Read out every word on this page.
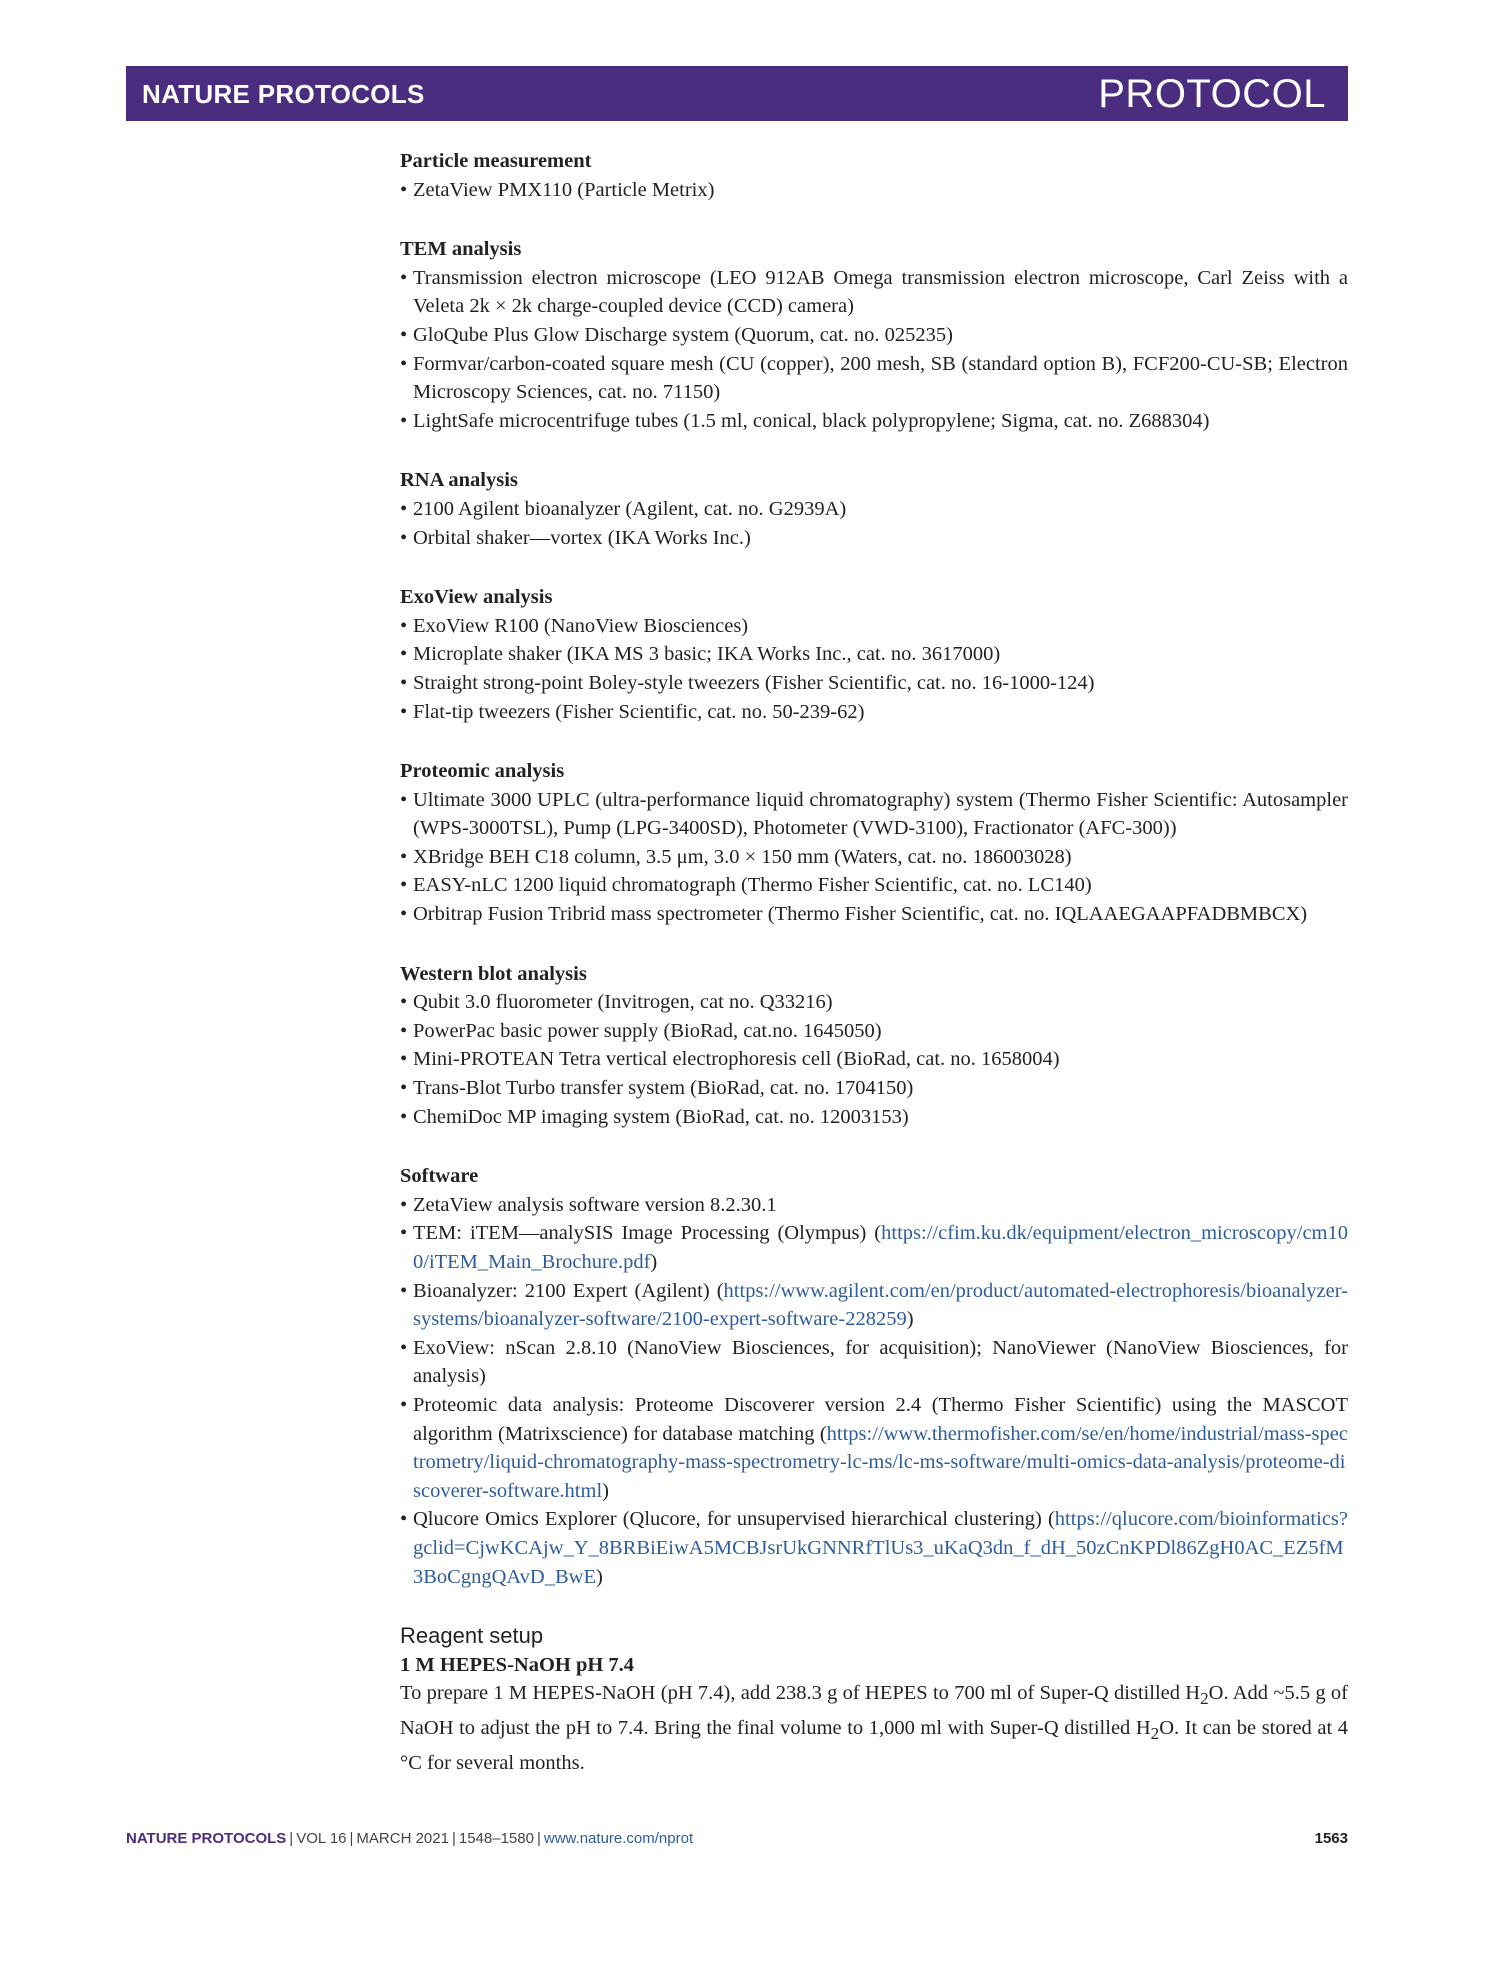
NATURE PROTOCOLS	PROTOCOL

Particle measurement

• ZetaView PMX110 (Particle Metrix)

TEM analysis

• Transmission electron microscope (LEO 912AB Omega transmission electron microscope, Carl Zeiss with a Veleta 2k × 2k charge-coupled device (CCD) camera)
• GloQube Plus Glow Discharge system (Quorum, cat. no. 025235)
• Formvar/carbon-coated square mesh (CU (copper), 200 mesh, SB (standard option B), FCF200-CU-SB; Electron Microscopy Sciences, cat. no. 71150)
• LightSafe microcentrifuge tubes (1.5 ml, conical, black polypropylene; Sigma, cat. no. Z688304)

RNA analysis

• 2100 Agilent bioanalyzer (Agilent, cat. no. G2939A)
• Orbital shaker—vortex (IKA Works Inc.)

ExoView analysis

• ExoView R100 (NanoView Biosciences)
• Microplate shaker (IKA MS 3 basic; IKA Works Inc., cat. no. 3617000)
• Straight strong-point Boley-style tweezers (Fisher Scientific, cat. no. 16-1000-124)
• Flat-tip tweezers (Fisher Scientific, cat. no. 50-239-62)

Proteomic analysis

• Ultimate 3000 UPLC (ultra-performance liquid chromatography) system (Thermo Fisher Scientific: Autosampler (WPS-3000TSL), Pump (LPG-3400SD), Photometer (VWD-3100), Fractionator (AFC-300))
• XBridge BEH C18 column, 3.5 μm, 3.0 × 150 mm (Waters, cat. no. 186003028)
• EASY-nLC 1200 liquid chromatograph (Thermo Fisher Scientific, cat. no. LC140)
• Orbitrap Fusion Tribrid mass spectrometer (Thermo Fisher Scientific, cat. no. IQLAAEGAAPFADBMBCX)

Western blot analysis

• Qubit 3.0 fluorometer (Invitrogen, cat no. Q33216)
• PowerPac basic power supply (BioRad, cat.no. 1645050)
• Mini-PROTEAN Tetra vertical electrophoresis cell (BioRad, cat. no. 1658004)
• Trans-Blot Turbo transfer system (BioRad, cat. no. 1704150)
• ChemiDoc MP imaging system (BioRad, cat. no. 12003153)

Software

• ZetaView analysis software version 8.2.30.1
• TEM: iTEM—analySIS Image Processing (Olympus) (https://cfim.ku.dk/equipment/electron_microscopy/cm100/iTEM_Main_Brochure.pdf)
• Bioanalyzer: 2100 Expert (Agilent) (https://www.agilent.com/en/product/automated-electrophoresis/bioanalyzer-systems/bioanalyzer-software/2100-expert-software-228259)
• ExoView: nScan 2.8.10 (NanoView Biosciences, for acquisition); NanoViewer (NanoView Biosciences, for analysis)
• Proteomic data analysis: Proteome Discoverer version 2.4 (Thermo Fisher Scientific) using the MASCOT algorithm (Matrixscience) for database matching (https://www.thermofisher.com/se/en/home/industrial/mass-spectrometry/liquid-chromatography-mass-spectrometry-lc-ms/lc-ms-software/multi-omics-data-analysis/proteome-discoverer-software.html)
• Qlucore Omics Explorer (Qlucore, for unsupervised hierarchical clustering) (https://qlucore.com/bioinformatics?gclid=CjwKCAjw_Y_8BRBiEiwA5MCBJsrUkGNNRfTlUs3_uKaQ3dn_f_dH_50zCnKPDl86ZgH0AC_EZ5fM3BoCgngQAvD_BwE)

Reagent setup

1 M HEPES-NaOH pH 7.4

To prepare 1 M HEPES-NaOH (pH 7.4), add 238.3 g of HEPES to 700 ml of Super-Q distilled $H_2O$. Add ~5.5 g of NaOH to adjust the pH to 7.4. Bring the final volume to 1,000 ml with Super-Q distilled $H_2O$. It can be stored at 4 °C for several months.

NATURE PROTOCOLS | VOL 16 | MARCH 2021 | 1548–1580 | www.nature.com/nprot	1563
